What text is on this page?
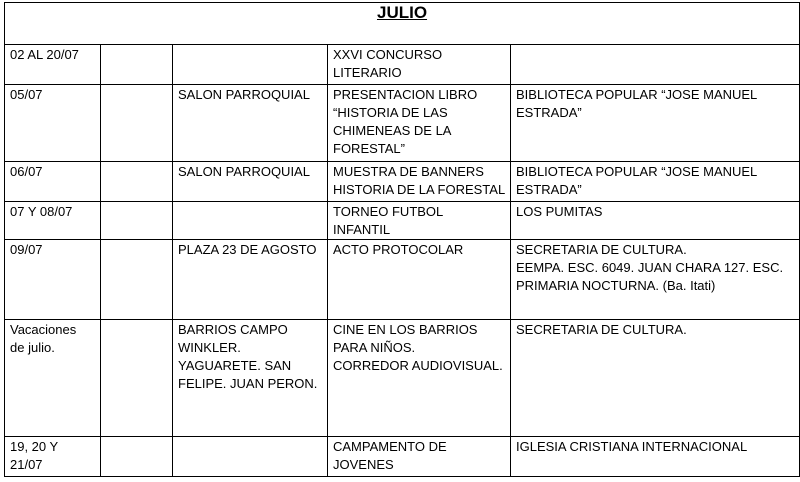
JULIO				

02 AL 20/07			XXVI CONCURSO
LITERARIO	

05/07		SALON PARROQUIAL	PRESENTACION LIBRO
“HISTORIA DE LAS
CHIMENEAS DE LA
FORESTAL”	BIBLIOTECA POPULAR “JOSE MANUEL
ESTRADA”

06/07		SALON PARROQUIAL	MUESTRA DE BANNERS
HISTORIA DE LA FORESTAL	BIBLIOTECA POPULAR “JOSE MANUEL
ESTRADA”

07 Y 08/07			TORNEO FUTBOL
INFANTIL	LOS PUMITAS

09/07		PLAZA 23 DE AGOSTO	ACTO PROTOCOLAR	SECRETARIA DE CULTURA.
EEMPA. ESC. 6049. JUAN CHARA 127. ESC.
PRIMARIA NOCTURNA. (Ba. Itati)

Vacaciones
de julio.		BARRIOS CAMPO
WINKLER.
YAGUARETE. SAN
FELIPE. JUAN PERON.	CINE EN LOS BARRIOS
PARA NIÑOS.
CORREDOR AUDIOVISUAL.	SECRETARIA DE CULTURA.

19, 20 Y
21/07			CAMPAMENTO DE
JOVENES	IGLESIA CRISTIANA INTERNACIONAL
